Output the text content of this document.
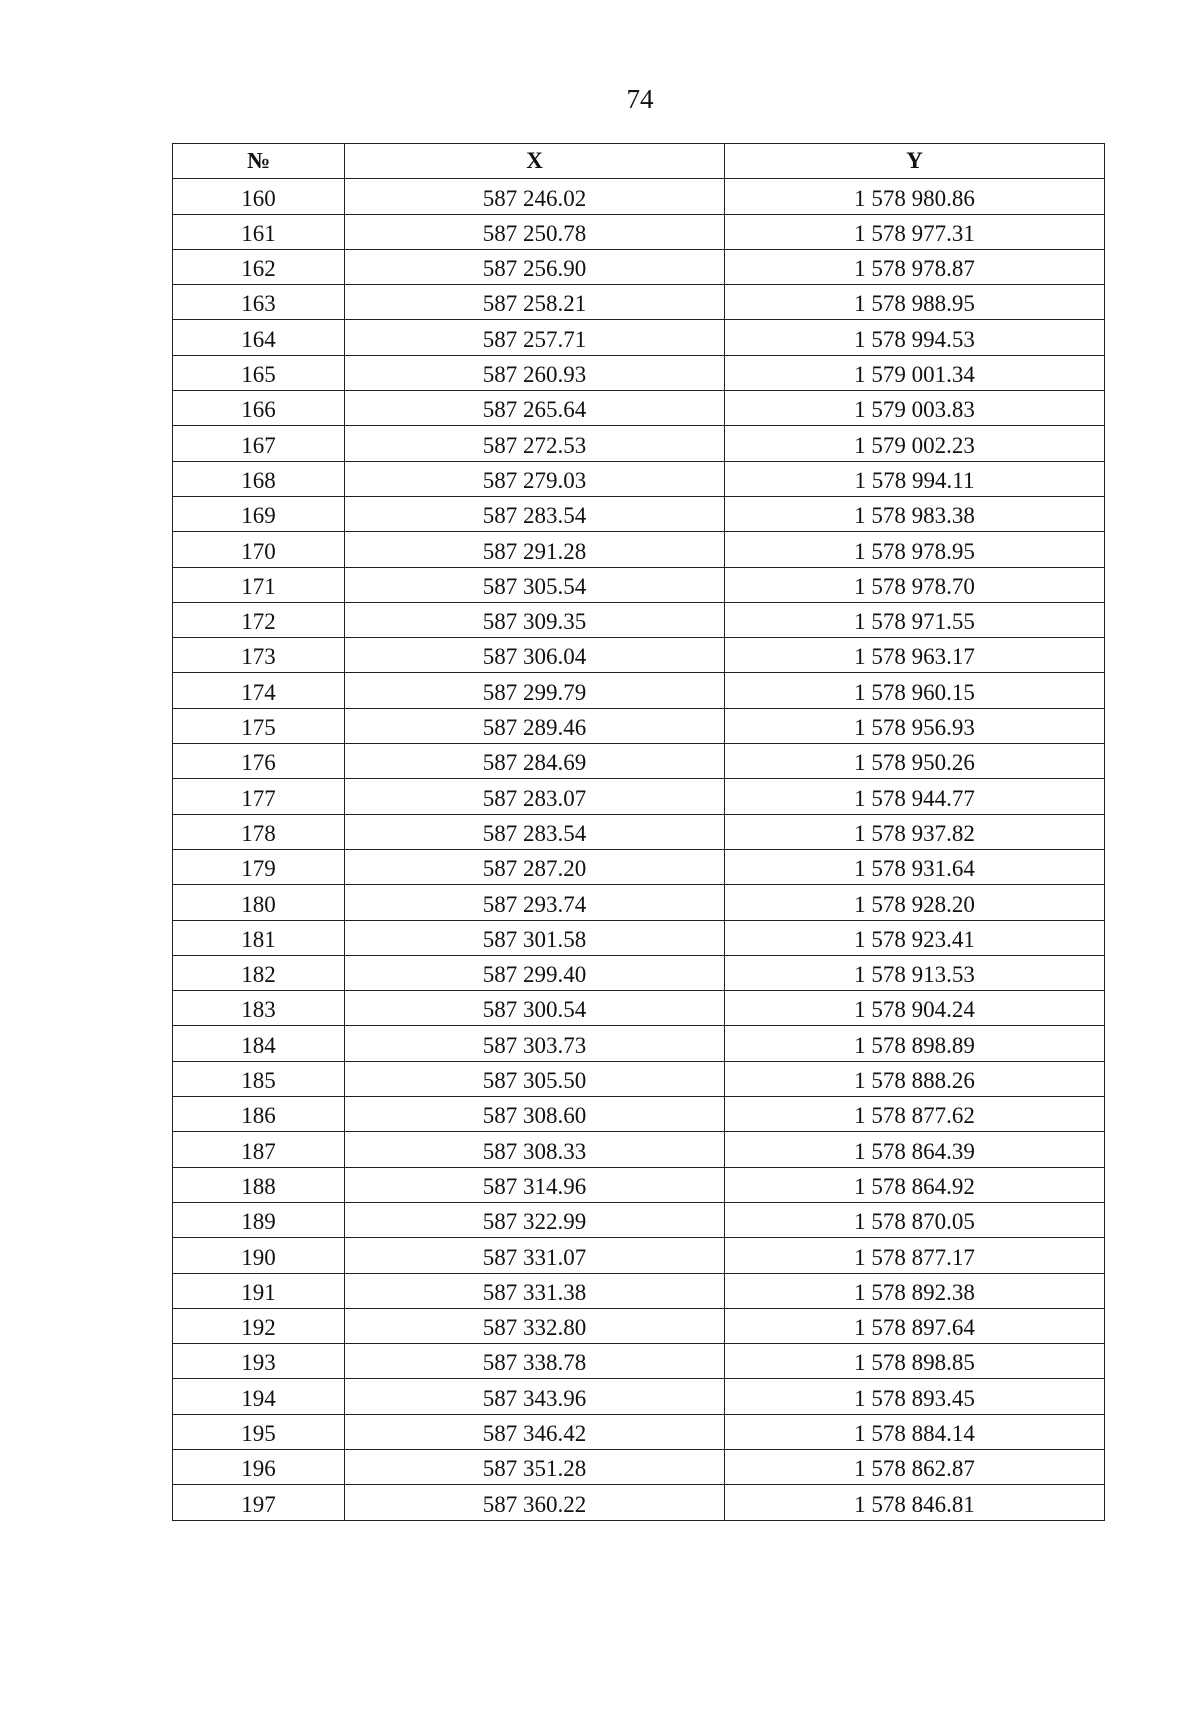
74
№	X	Y
160	587 246.02	1 578 980.86
161	587 250.78	1 578 977.31
162	587 256.90	1 578 978.87
163	587 258.21	1 578 988.95
164	587 257.71	1 578 994.53
165	587 260.93	1 579 001.34
166	587 265.64	1 579 003.83
167	587 272.53	1 579 002.23
168	587 279.03	1 578 994.11
169	587 283.54	1 578 983.38
170	587 291.28	1 578 978.95
171	587 305.54	1 578 978.70
172	587 309.35	1 578 971.55
173	587 306.04	1 578 963.17
174	587 299.79	1 578 960.15
175	587 289.46	1 578 956.93
176	587 284.69	1 578 950.26
177	587 283.07	1 578 944.77
178	587 283.54	1 578 937.82
179	587 287.20	1 578 931.64
180	587 293.74	1 578 928.20
181	587 301.58	1 578 923.41
182	587 299.40	1 578 913.53
183	587 300.54	1 578 904.24
184	587 303.73	1 578 898.89
185	587 305.50	1 578 888.26
186	587 308.60	1 578 877.62
187	587 308.33	1 578 864.39
188	587 314.96	1 578 864.92
189	587 322.99	1 578 870.05
190	587 331.07	1 578 877.17
191	587 331.38	1 578 892.38
192	587 332.80	1 578 897.64
193	587 338.78	1 578 898.85
194	587 343.96	1 578 893.45
195	587 346.42	1 578 884.14
196	587 351.28	1 578 862.87
197	587 360.22	1 578 846.81
